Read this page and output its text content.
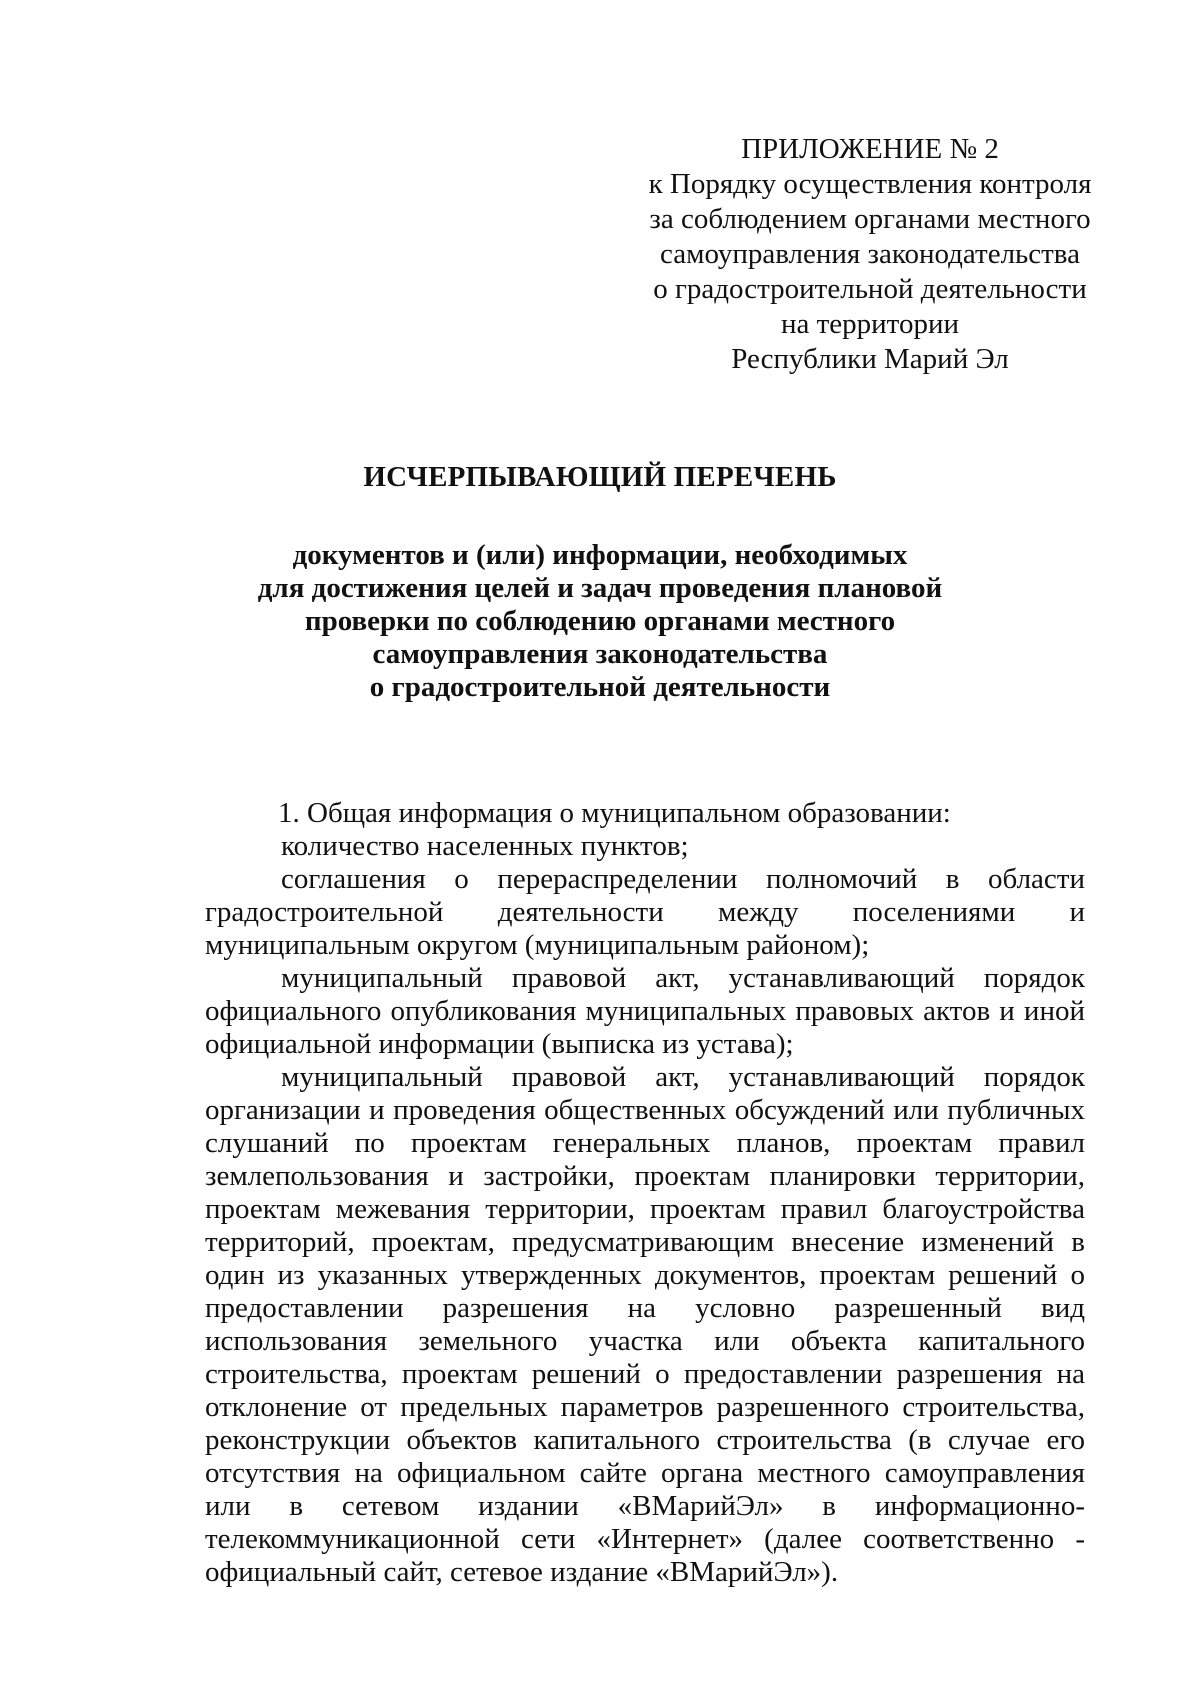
ПРИЛОЖЕНИЕ № 2
к Порядку осуществления контроля
за соблюдением органами местного
самоуправления законодательства
о градостроительной деятельности
на территории
Республики Марий Эл
ИСЧЕРПЫВАЮЩИЙ ПЕРЕЧЕНЬ
документов и (или) информации, необходимых
для достижения целей и задач проведения плановой
проверки по соблюдению органами местного
самоуправления законодательства
о градостроительной деятельности

1. Общая информация о муниципальном образовании:

количество населенных пунктов;

соглашения о перераспределении полномочий в области градостроительной деятельности между поселениями и муниципальным округом (муниципальным районом);

муниципальный правовой акт, устанавливающий порядок официального опубликования муниципальных правовых актов и иной официальной информации (выписка из устава);

муниципальный правовой акт, устанавливающий порядок организации и проведения общественных обсуждений или публичных слушаний по проектам генеральных планов, проектам правил землепользования и застройки, проектам планировки территории, проектам межевания территории, проектам правил благоустройства территорий, проектам, предусматривающим внесение изменений в один из указанных утвержденных документов, проектам решений о предоставлении разрешения на условно разрешенный вид использования земельного участка или объекта капитального строительства, проектам решений о предоставлении разрешения на отклонение от предельных параметров разрешенного строительства, реконструкции объектов капитального строительства (в случае его отсутствия на официальном сайте органа местного самоуправления или в сетевом издании «ВМарийЭл» в информационно-телекоммуникационной сети «Интернет» (далее соответственно - официальный сайт, сетевое издание «ВМарийЭл»).
